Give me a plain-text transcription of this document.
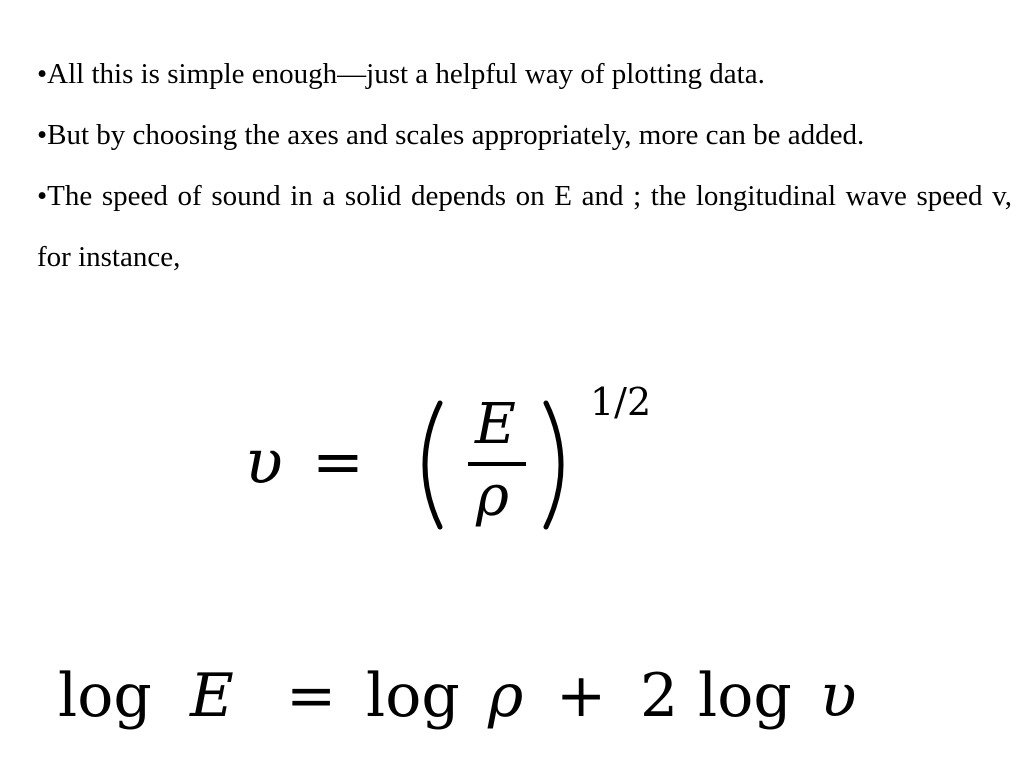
•All this is simple enough—just a helpful way of plotting data.

•But by choosing the axes and scales appropriately, more can be added.

•The speed of sound in a solid depends on E and ; the longitudinal wave speed v, for instance,

υ =
E
ρ
1/2
log E = log ρ + 2 log υ
